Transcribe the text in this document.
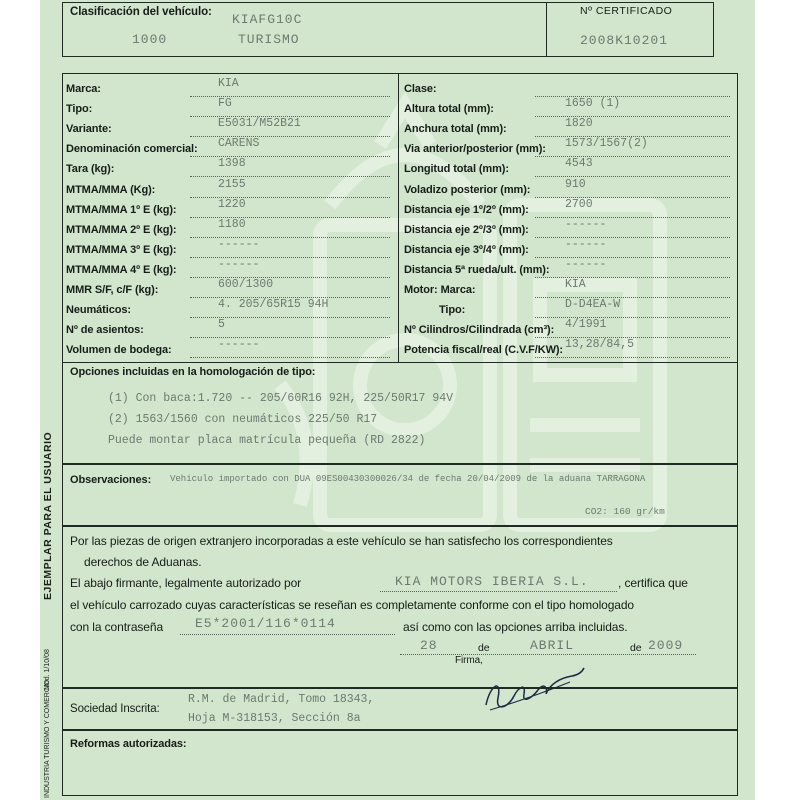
Clasificación del vehículo: KIAFG10C
1000	TURISMO
Nº CERTIFICADO
2008K10201
Opciones incluidas en la homologación de tipo:
(1) Con baca:1.720 -- 205/60R16 92H, 225/50R17 94V
(2) 1563/1560 con neumáticos 225/50 R17
Puede montar placa matrícula pequeña (RD 2822)
Observaciones: Vehículo importado con DUA 09ES00430300026/34 de fecha 20/04/2009 de la aduana TARRAGONA
CO2: 160 gr/km
Por las piezas de origen extranjero incorporadas a este vehículo se han satisfecho los correspondientes
derechos de Aduanas.
El abajo firmante, legalmente autorizado por	KIA MOTORS IBERIA S.L. , certifica que
el vehículo carrozado cuyas características se reseñan es completamente conforme con el tipo homologado
con la contraseña E5*2001/116*0114	así como con las opciones arriba incluidas.
28	de	ABRIL	de 2009
Firma,
Sociedad Inscrita:
R.M. de Madrid, Tomo 18343,
Hoja M-318153, Sección 8a
Reformas autorizadas:
EJEMPLAR PARA EL USUARIO
Mod. 1/10/08
INDUSTRIA TURISMO Y COMERCIO
Marca:	KIA
Tipo:	FG
Variante:	E5031/M52B21
Denominación comercial: CARENS
Tara (kg):	1398
MTMA/MMA (Kg):	2155
MTMA/MMA 1º E (kg):	1220
MTMA/MMA 2º E (kg):	1180
MTMA/MMA 3º E (kg):	------
MTMA/MMA 4º E (kg):	------
MMR S/F, c/F (kg):	600/1300
Neumáticos:	4. 205/65R15 94H
Nº de asientos:	5
Volumen de bodega:	------
Clase:
Altura total (mm):	1650 (1)
Anchura total (mm):	1820
Via anterior/posterior (mm): 1573/1567(2)
Longitud total (mm):	4543
Voladizo posterior (mm):	910
Distancia eje 1º/2º (mm):	2700
Distancia eje 2º/3º (mm):	------
Distancia eje 3º/4º (mm):	------
Distancia 5ª rueda/ult. (mm): ------
Motor: Marca:	KIA
Tipo:	D-D4EA-W
Nº Cilindros/Cilindrada (cm³): 4/1991
Potencia fiscal/real (C.V.F/KW): 13,28/84,5
